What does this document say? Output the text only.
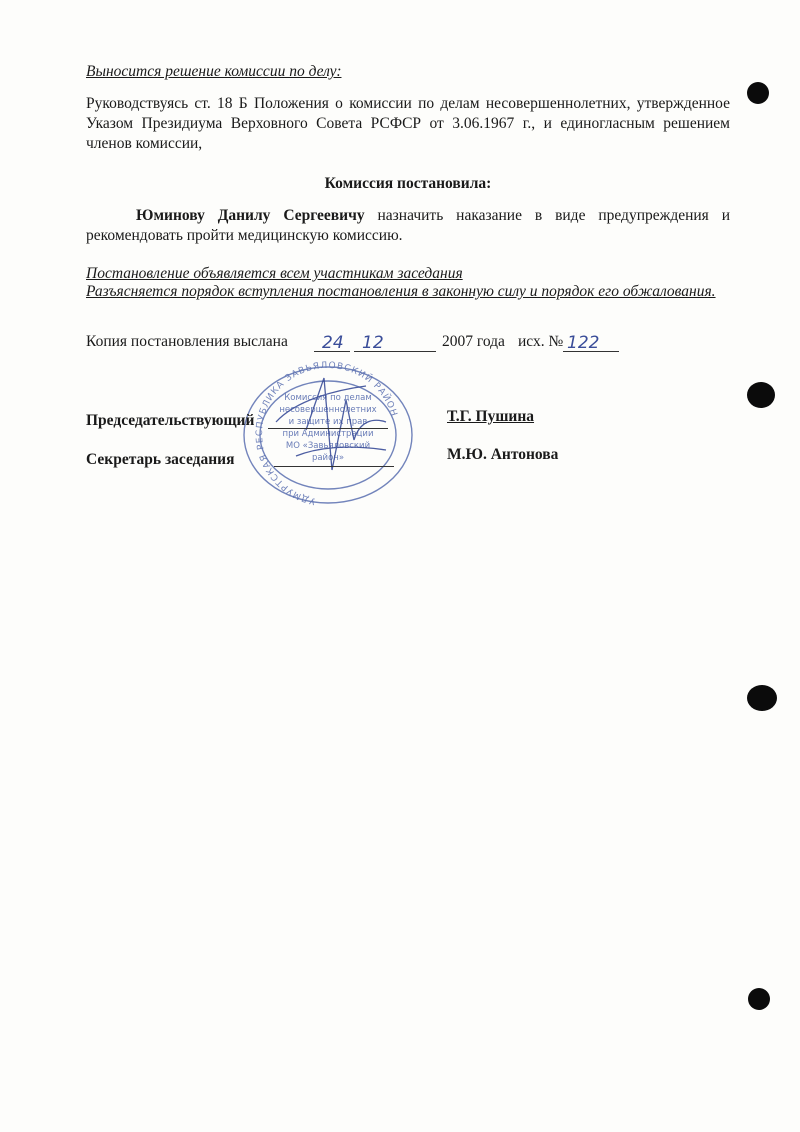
Выносится решение комиссии по делу:
Руководствуясь ст. 18 Б Положения о комиссии по делам несовершеннолетних, утвержденное Указом Президиума Верховного Совета РСФСР от 3.06.1967 г., и единогласным решением членов комиссии,
Комиссия постановила:
Юминову Данилу Сергеевичу назначить наказание в виде предупреждения и рекомендовать пройти медицинскую комиссию.
Постановление объявляется всем участникам заседания
Разъясняется порядок вступления постановления в законную силу и порядок его обжалования.
Копия постановления выслана 24 12	2007 года исх. № 122
УДМУРТСКАЯ РЕСПУБЛИКА ЗАВЬЯЛОВСКИЙ РАЙОН
Комиссия по делам
несовершеннолетних
и защите их прав
при Администрации
МО «Завьяловский
район»
Председательствующий	Т.Г. Пушина
Секретарь заседания	М.Ю. Антонова
